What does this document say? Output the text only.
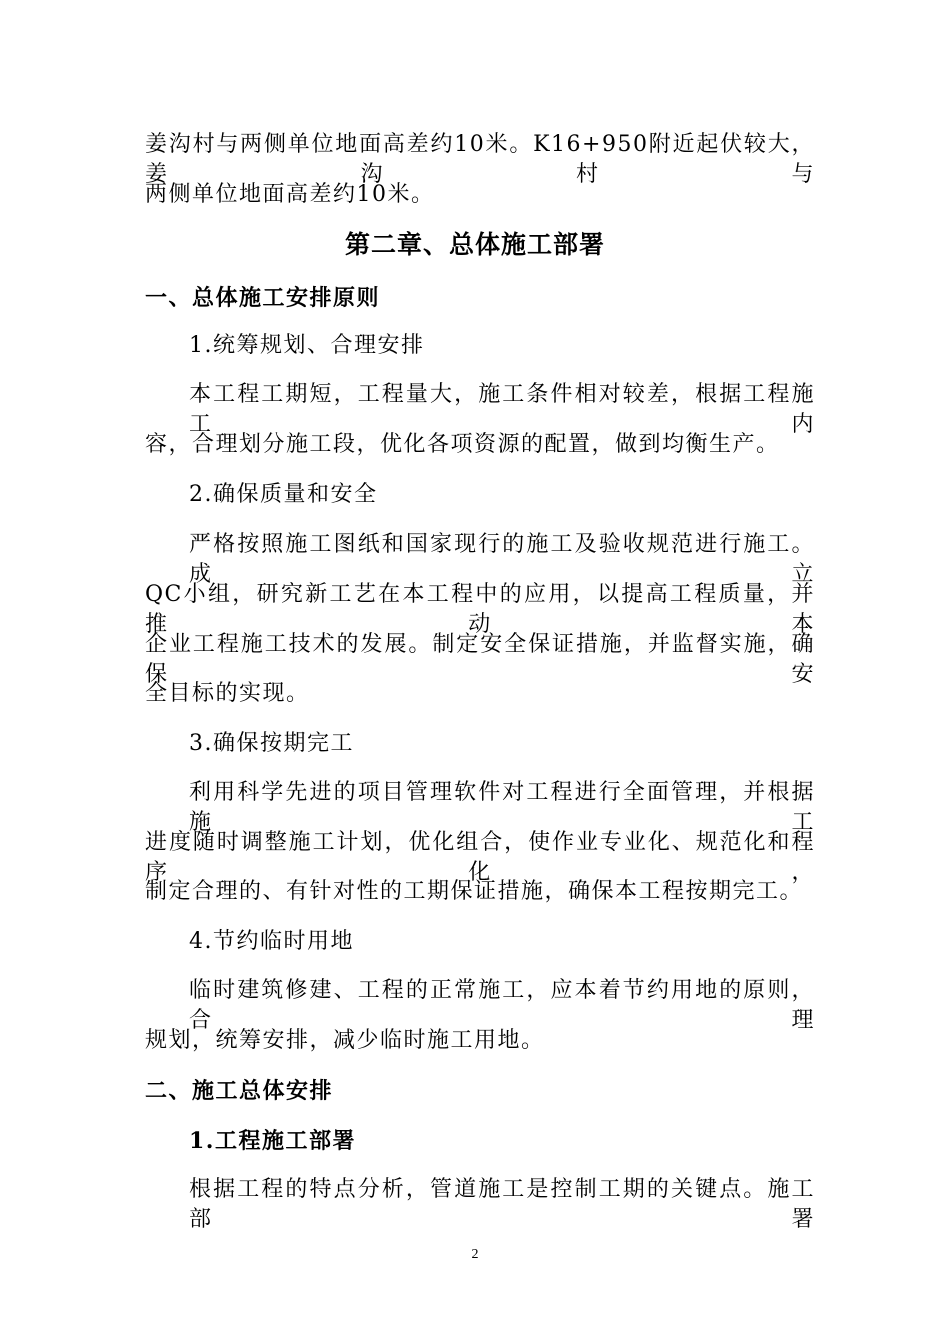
姜沟村与两侧单位地面高差约10米。K16+950附近起伏较大，姜沟村与
两侧单位地面高差约10米。
第二章、总体施工部署
一、总体施工安排原则
1.统筹规划、合理安排
本工程工期短，工程量大，施工条件相对较差，根据工程施工内
容，合理划分施工段，优化各项资源的配置，做到均衡生产。
2.确保质量和安全
严格按照施工图纸和国家现行的施工及验收规范进行施工。成立
QC小组，研究新工艺在本工程中的应用，以提高工程质量，并推动本
企业工程施工技术的发展。制定安全保证措施，并监督实施，确保安
全目标的实现。
3.确保按期完工
利用科学先进的项目管理软件对工程进行全面管理，并根据施工
进度随时调整施工计划，优化组合，使作业专业化、规范化和程序化，
制定合理的、有针对性的工期保证措施，确保本工程按期完工。
4.节约临时用地
临时建筑修建、工程的正常施工，应本着节约用地的原则，合理
规划，统筹安排，减少临时施工用地。
二、施工总体安排
1.工程施工部署
根据工程的特点分析，管道施工是控制工期的关键点。施工部署
2
